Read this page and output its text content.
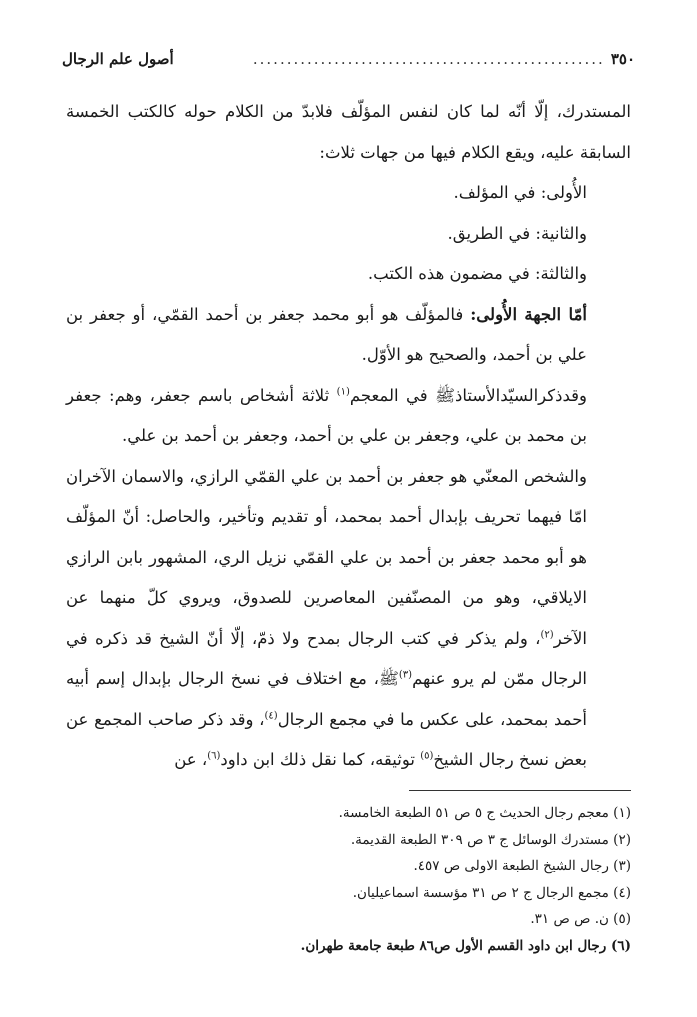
٣٥٠
....................................................
أصول علم الرجال

المستدرك، إلّا أنّه لما كان لنفس المؤلّف فلابدّ من الكلام حوله كالكتب الخمسة السابقة عليه، ويقع الكلام فيها من جهات ثلاث:

الأُولى: في المؤلف.

والثانية: في الطريق.

والثالثة: في مضمون هذه الكتب.

أمّا الجهة الأُولى: فالمؤلّف هو أبو محمد جعفر بن أحمد القمّي، أو جعفر بن علي بن أحمد، والصحيح هو الأوّل.

وقدذكرالسيّدالأستاذﷺ في المعجم$^{(١)}$ ثلاثة أشخاص باسم جعفر، وهم: جعفر بن محمد بن علي، وجعفر بن علي بن أحمد، وجعفر بن أحمد بن علي.

والشخص المعنّي هو جعفر بن أحمد بن علي القمّي الرازي، والاسمان الآخران امّا فيهما تحريف بإبدال أحمد بمحمد، أو تقديم وتأخير، والحاصل: أنّ المؤلّف هو أبو محمد جعفر بن أحمد بن علي القمّي نزيل الري، المشهور بابن الرازي الايلاقي، وهو من المصنّفين المعاصرين للصدوق، ويروي كلّ منهما عن الآخر$^{(٢)}$، ولم يذكر في كتب الرجال بمدح ولا ذمّ، إلّا أنّ الشيخ قد ذكره في الرجال ممّن لم يرو عنهم$^{(٣)}$ﷺ، مع اختلاف في نسخ الرجال بإبدال إسم أبيه أحمد بمحمد، على عكس ما في مجمع الرجال$^{(٤)}$، وقد ذكر صاحب المجمع عن بعض نسخ رجال الشيخ$^{(٥)}$ توثيقه، كما نقل ذلك ابن داود$^{(٦)}$، عن

(١) معجم رجال الحديث ج ٥ ص ٥١ الطبعة الخامسة.

(٢) مستدرك الوسائل ج ٣ ص ٣٠٩ الطبعة القديمة.

(٣) رجال الشيخ الطبعة الاولى ص ٤٥٧.

(٤) مجمع الرجال ج ٢ ص ٣١ مؤسسة اسماعيليان.

(٥) ن. ص ص ٣١.

(٦) رجال ابن داود القسم الأول ص٨٦ طبعة جامعة طهران.
